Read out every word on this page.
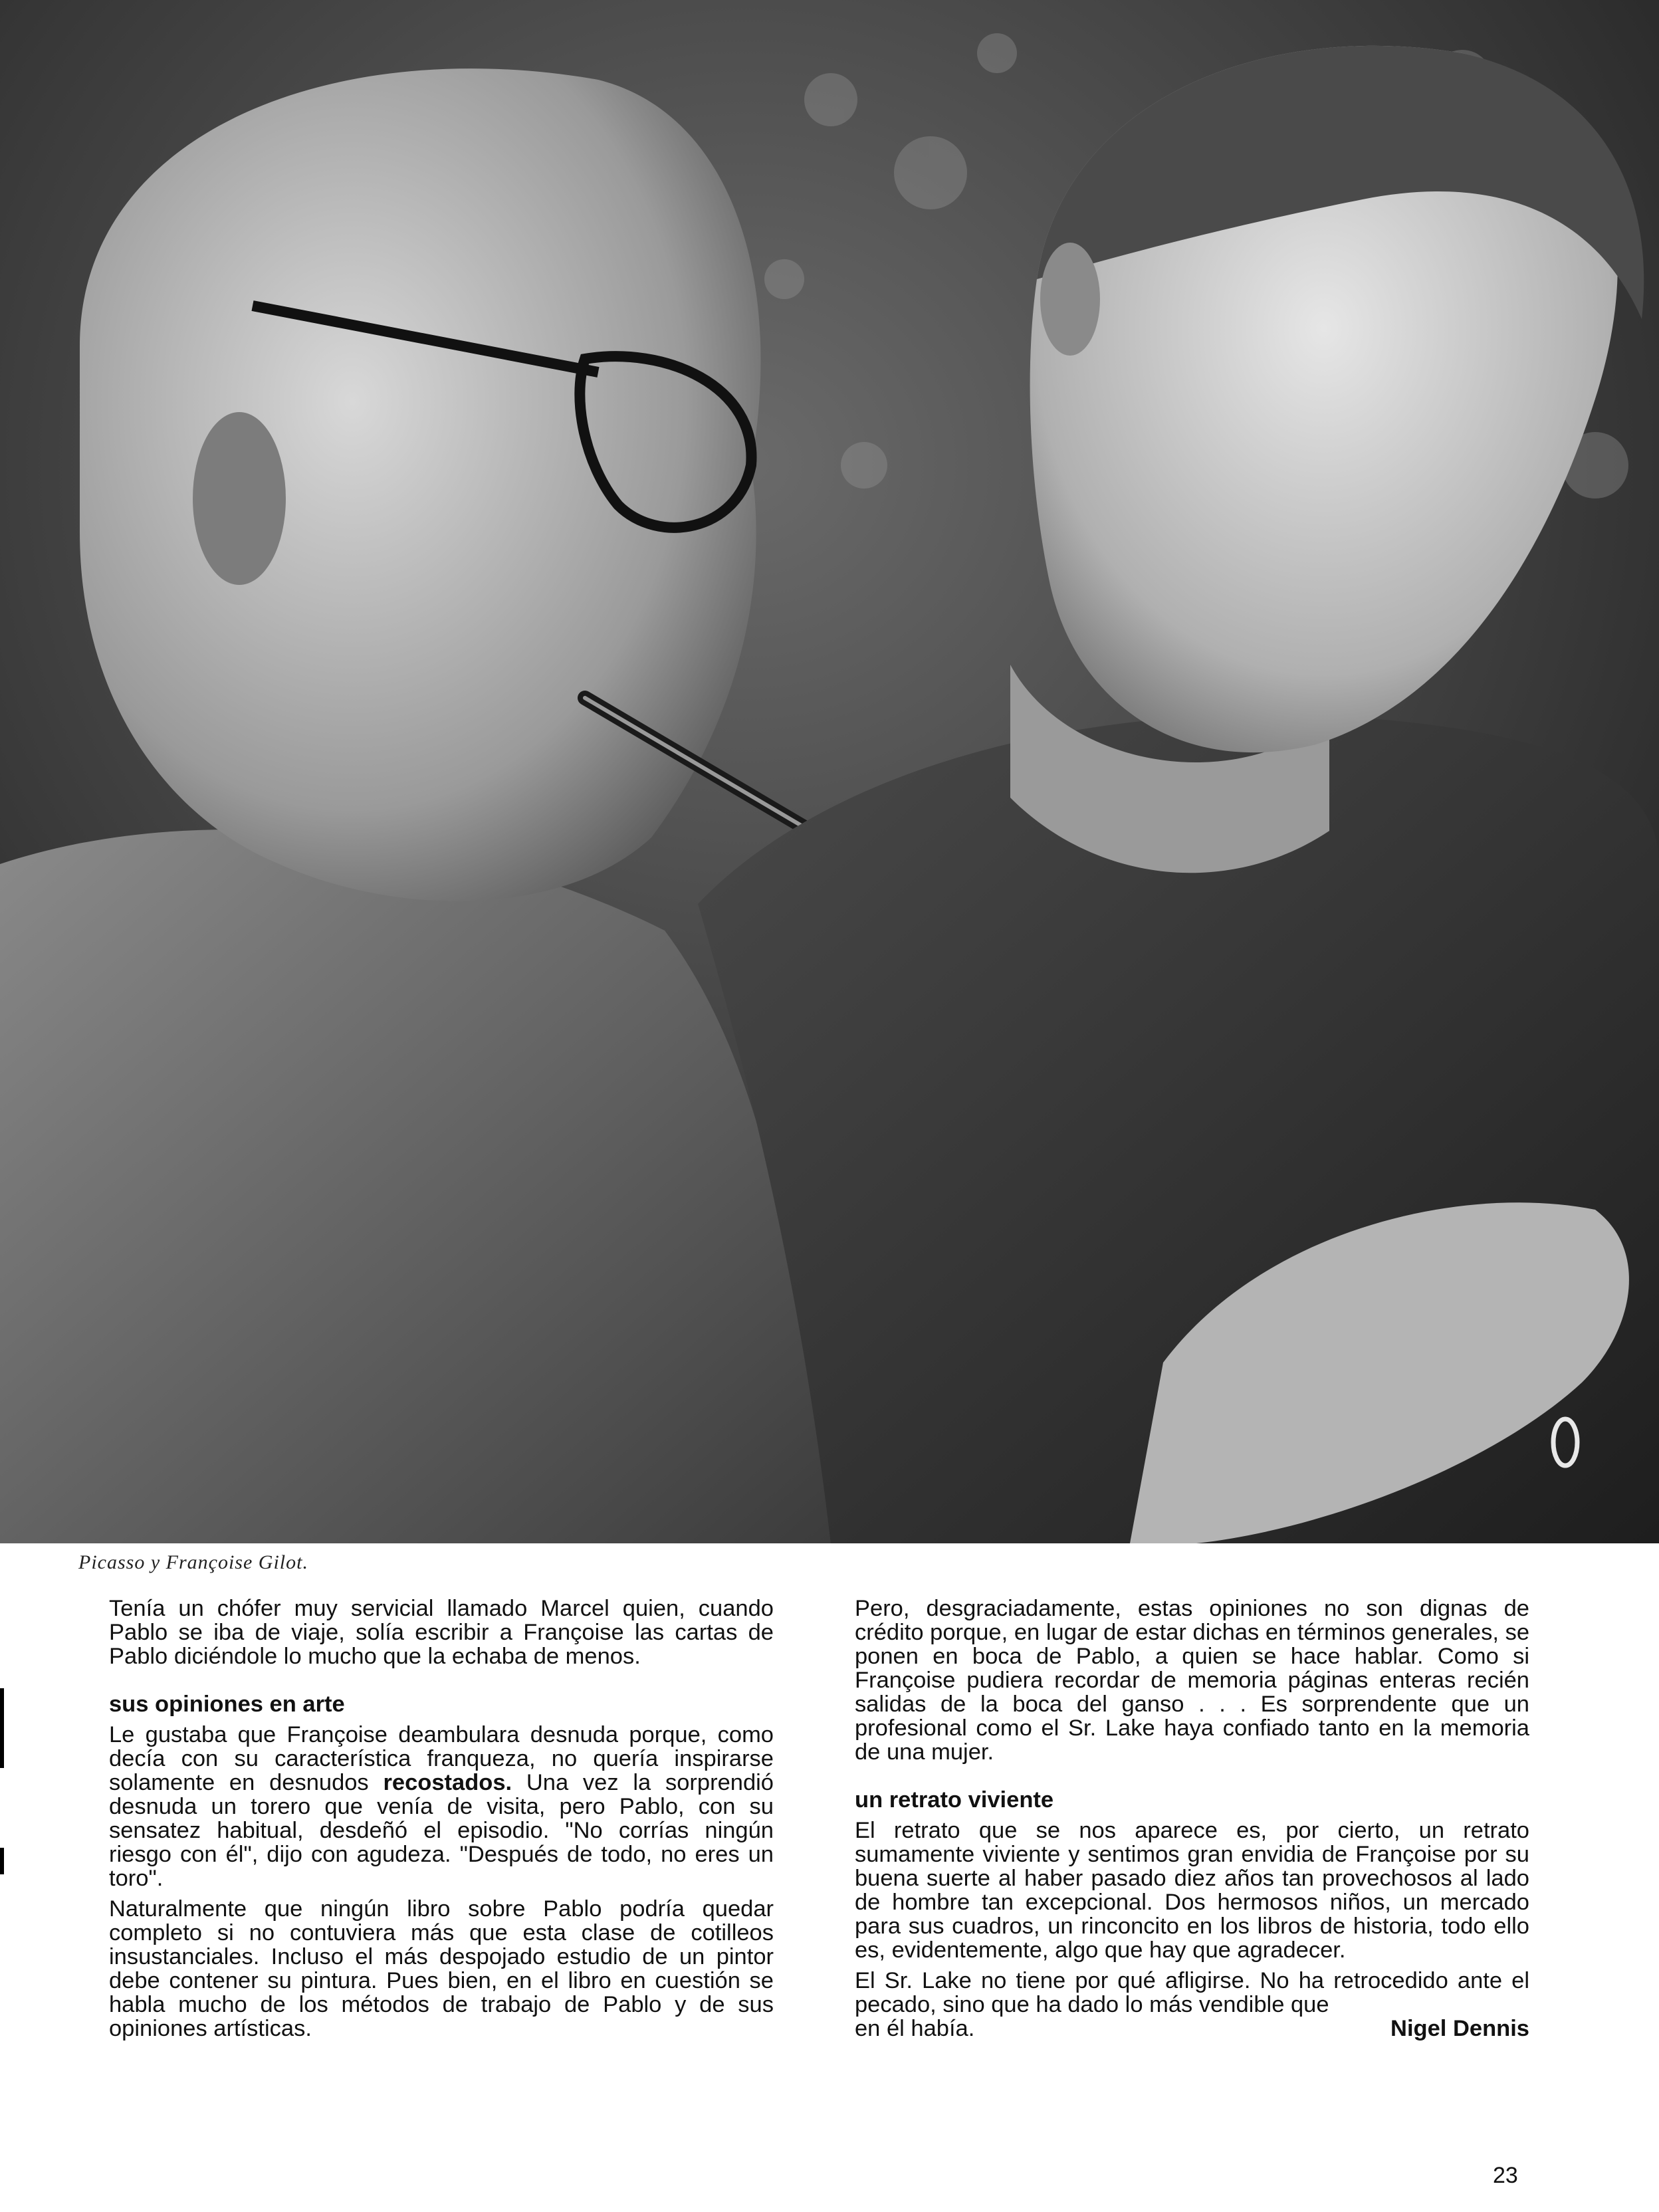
Picasso y Françoise Gilot.

Tenía un chófer muy servicial llamado Marcel quien, cuando Pablo se iba de viaje, solía escribir a Françoise las cartas de Pablo diciéndole lo mucho que la echaba de menos.

sus opiniones en arte

Le gustaba que Françoise deambulara desnuda porque, como decía con su característica franqueza, no quería inspirarse solamente en desnudos recostados. Una vez la sorprendió desnuda un torero que venía de visita, pero Pablo, con su sensatez habitual, desdeñó el episodio. "No corrías ningún riesgo con él", dijo con agudeza. "Después de todo, no eres un toro".

Naturalmente que ningún libro sobre Pablo podría quedar completo si no contuviera más que esta clase de cotilleos insustanciales. Incluso el más despojado estudio de un pintor debe contener su pintura. Pues bien, en el libro en cuestión se habla mucho de los métodos de trabajo de Pablo y de sus opiniones artísticas.

Pero, desgraciadamente, estas opiniones no son dignas de crédito porque, en lugar de estar dichas en términos generales, se ponen en boca de Pablo, a quien se hace hablar. Como si Françoise pudiera recordar de memoria páginas enteras recién salidas de la boca del ganso . . . Es sorprendente que un profesional como el Sr. Lake haya confiado tanto en la memoria de una mujer.

un retrato viviente

El retrato que se nos aparece es, por cierto, un retrato sumamente viviente y sentimos gran envidia de Françoise por su buena suerte al haber pasado diez años tan provechosos al lado de hombre tan excepcional. Dos hermosos niños, un mercado para sus cuadros, un rinconcito en los libros de historia, todo ello es, evidentemente, algo que hay que agradecer.

El Sr. Lake no tiene por qué afligirse. No ha retrocedido ante el pecado, sino que ha dado lo más vendible que

en él había.	Nigel Dennis
23
